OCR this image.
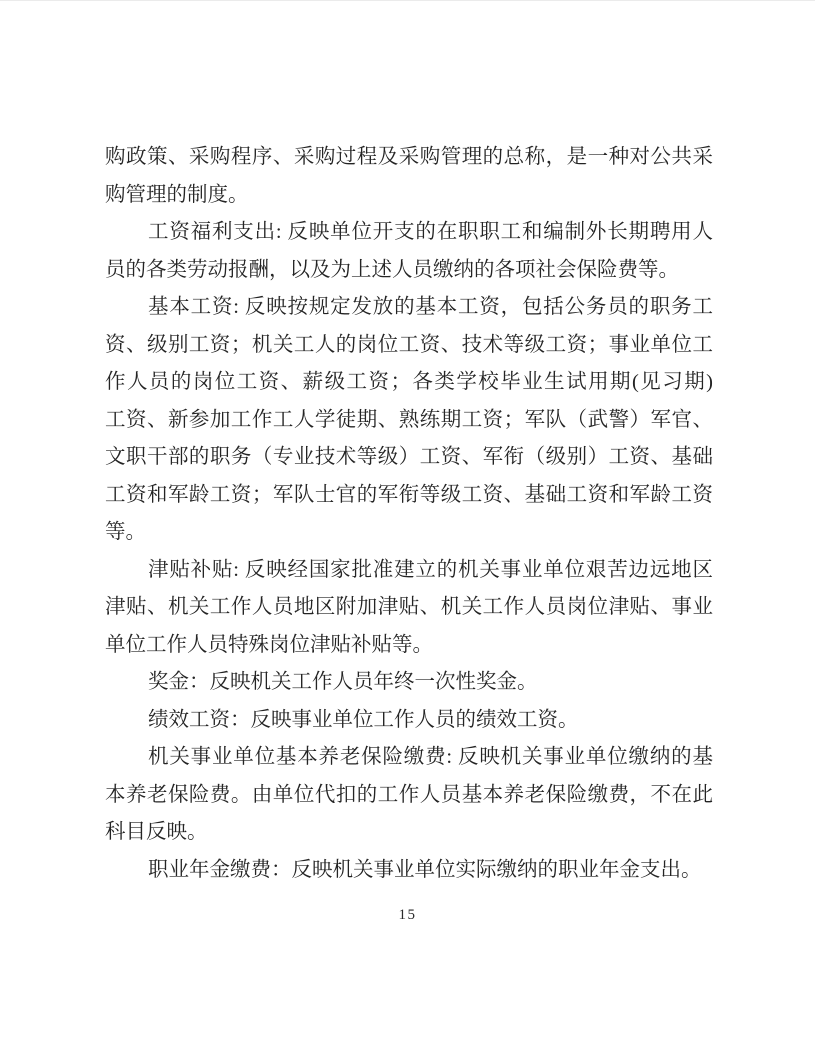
购政策、采购程序、采购过程及采购管理的总称，是一种对公共采
购管理的制度。
工资福利支出: 反映单位开支的在职职工和编制外长期聘用人
员的各类劳动报酬，以及为上述人员缴纳的各项社会保险费等。
基本工资: 反映按规定发放的基本工资，包括公务员的职务工
资、级别工资；机关工人的岗位工资、技术等级工资；事业单位工
作人员的岗位工资、薪级工资；各类学校毕业生试用期(见习期)
工资、新参加工作工人学徒期、熟练期工资；军队（武警）军官、
文职干部的职务（专业技术等级）工资、军衔（级别）工资、基础
工资和军龄工资；军队士官的军衔等级工资、基础工资和军龄工资
等。
津贴补贴: 反映经国家批准建立的机关事业单位艰苦边远地区
津贴、机关工作人员地区附加津贴、机关工作人员岗位津贴、事业
单位工作人员特殊岗位津贴补贴等。
奖金：反映机关工作人员年终一次性奖金。
绩效工资：反映事业单位工作人员的绩效工资。
机关事业单位基本养老保险缴费: 反映机关事业单位缴纳的基
本养老保险费。由单位代扣的工作人员基本养老保险缴费，不在此
科目反映。
职业年金缴费：反映机关事业单位实际缴纳的职业年金支出。
15
